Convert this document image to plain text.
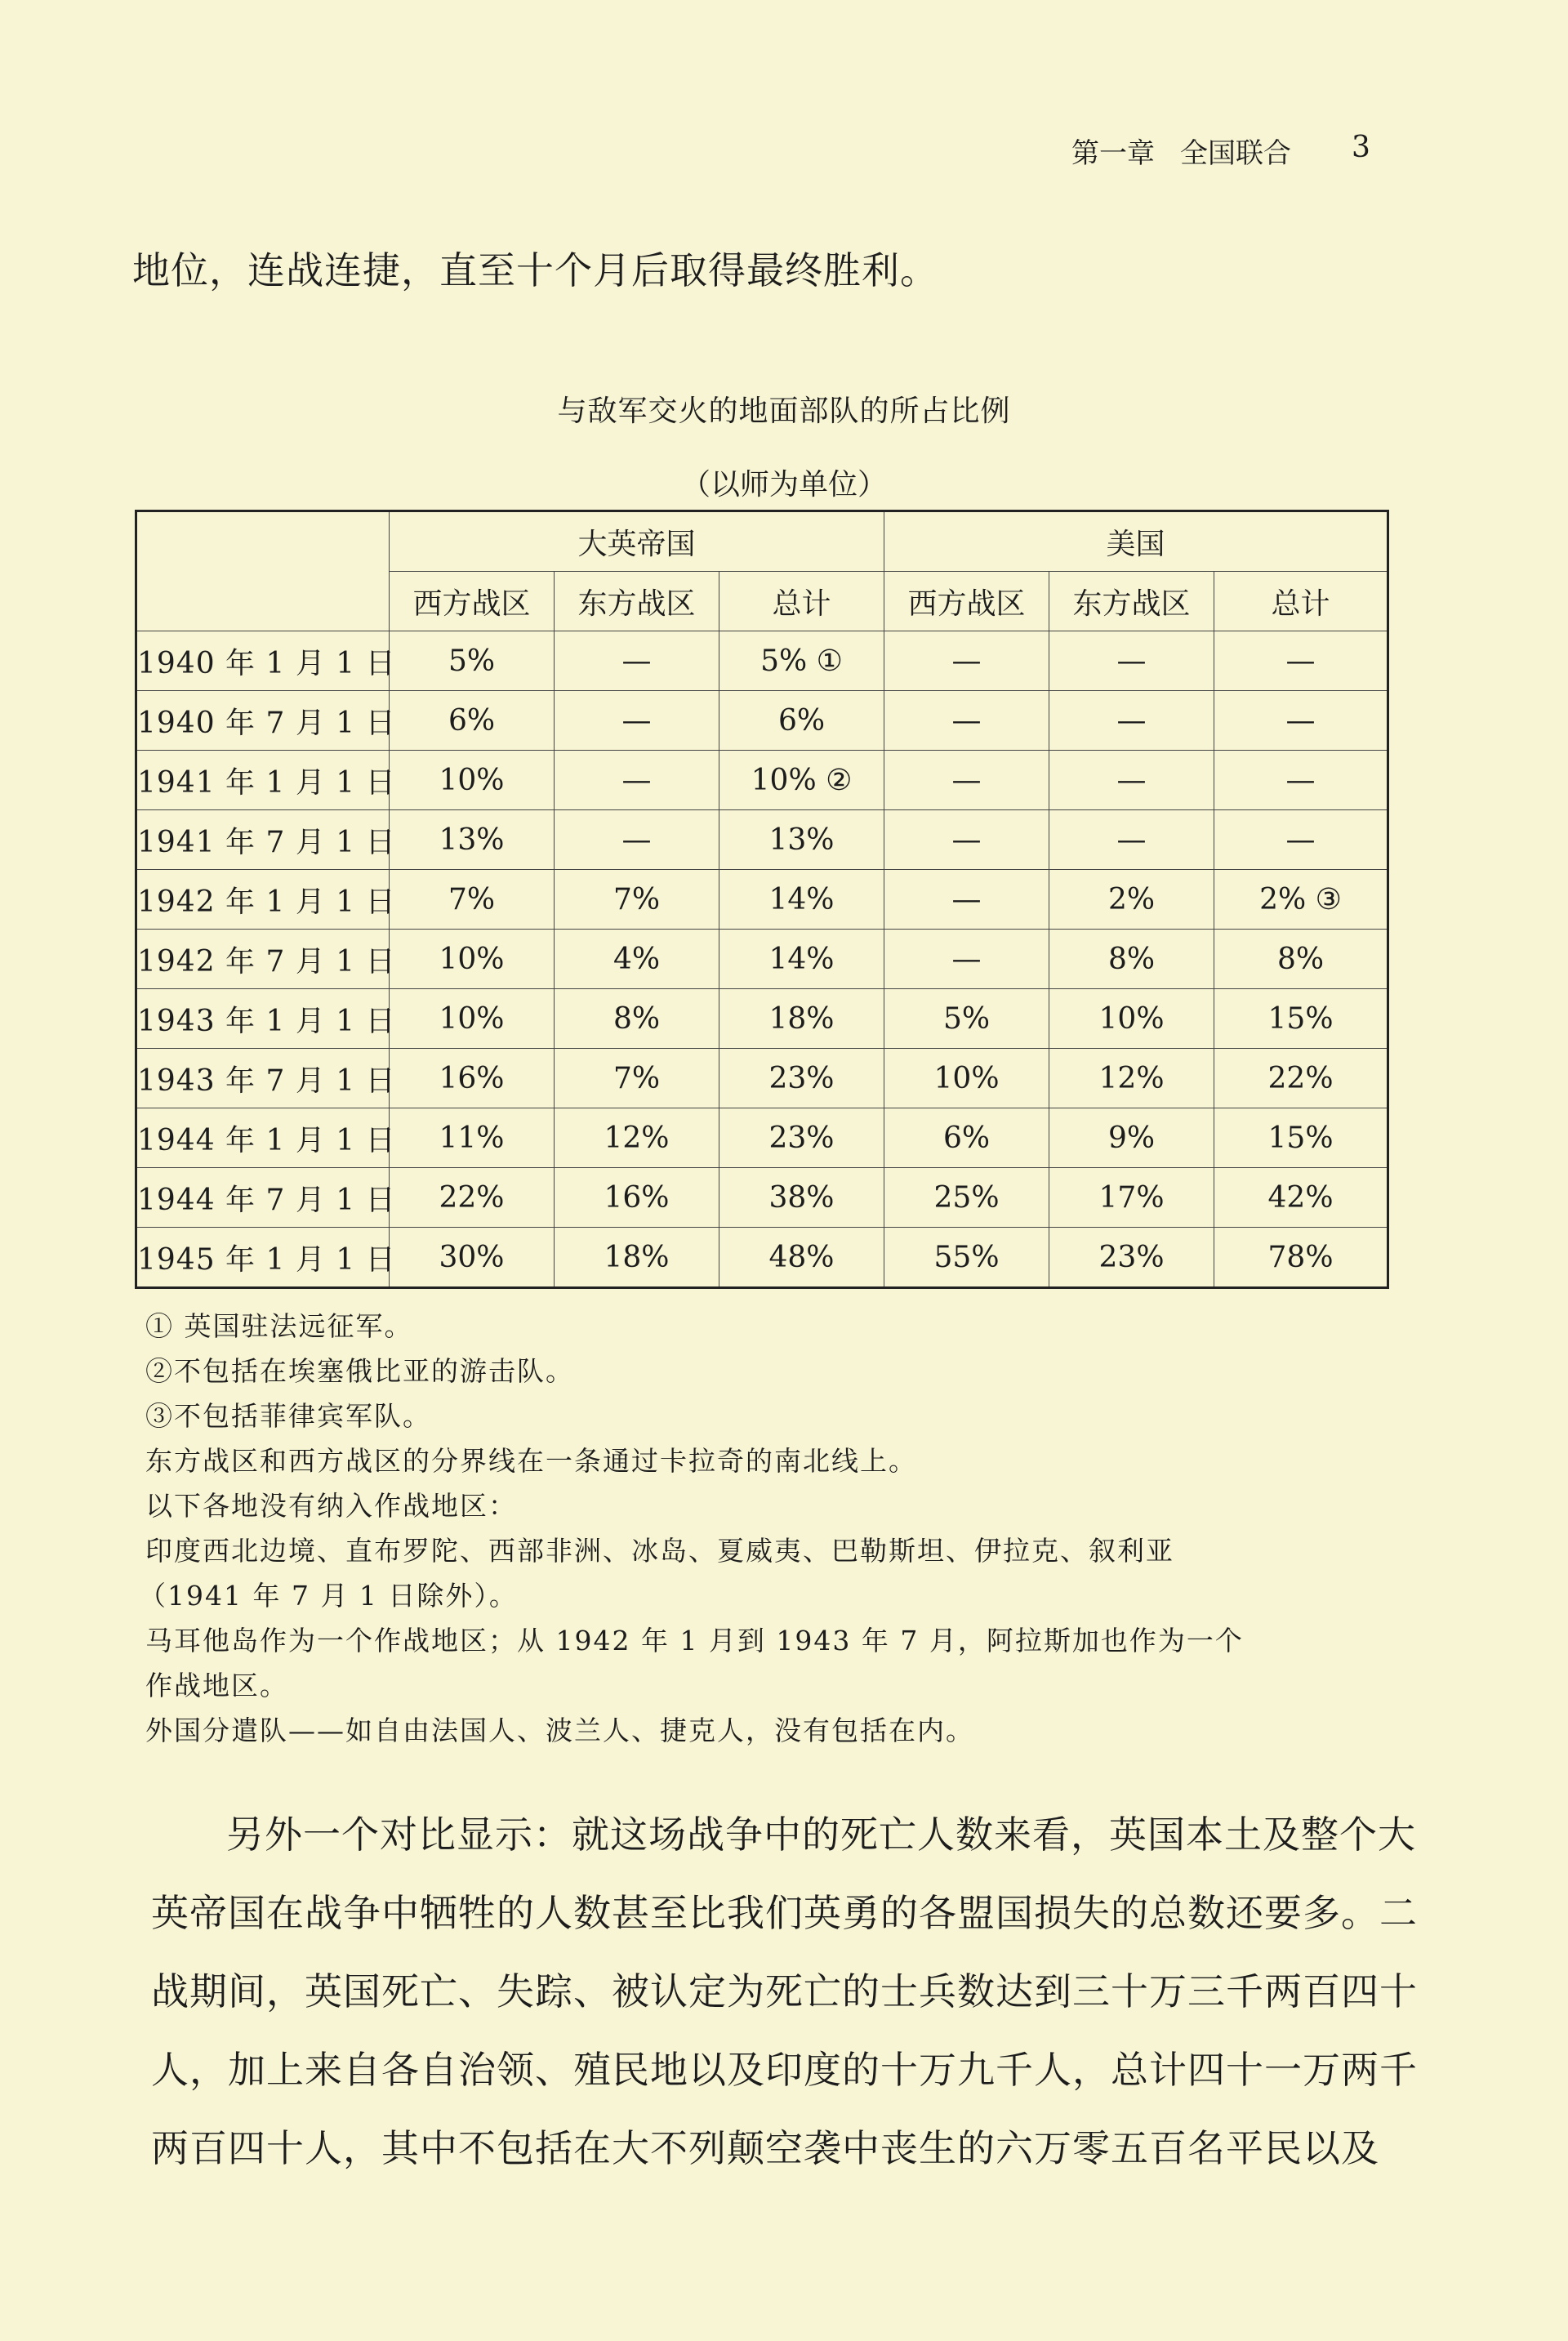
第一章 全国联合 3
地位，连战连捷，直至十个月后取得最终胜利。
与敌军交火的地面部队的所占比例
（以师为单位）
	大英帝国			美国		
	西方战区	东方战区	总计	西方战区	东方战区	总计
1940 年 1 月 1 日	5%	—	5% ①	—	—	—
1940 年 7 月 1 日	6%	—	6%	—	—	—
1941 年 1 月 1 日	10%	—	10% ②	—	—	—
1941 年 7 月 1 日	13%	—	13%	—	—	—
1942 年 1 月 1 日	7%	7%	14%	—	2%	2% ③
1942 年 7 月 1 日	10%	4%	14%	—	8%	8%
1943 年 1 月 1 日	10%	8%	18%	5%	10%	15%
1943 年 7 月 1 日	16%	7%	23%	10%	12%	22%
1944 年 1 月 1 日	11%	12%	23%	6%	9%	15%
1944 年 7 月 1 日	22%	16%	38%	25%	17%	42%
1945 年 1 月 1 日	30%	18%	48%	55%	23%	78%
① 英国驻法远征军。
②不包括在埃塞俄比亚的游击队。
③不包括菲律宾军队。
东方战区和西方战区的分界线在一条通过卡拉奇的南北线上。
以下各地没有纳入作战地区：
印度西北边境、直布罗陀、西部非洲、冰岛、夏威夷、巴勒斯坦、伊拉克、叙利亚
（1941 年 7 月 1 日除外）。
马耳他岛作为一个作战地区；从 1942 年 1 月到 1943 年 7 月，阿拉斯加也作为一个
作战地区。
外国分遣队——如自由法国人、波兰人、捷克人，没有包括在内。
另外一个对比显示：就这场战争中的死亡人数来看，英国本土及整个大
英帝国在战争中牺牲的人数甚至比我们英勇的各盟国损失的总数还要多。二
战期间，英国死亡、失踪、被认定为死亡的士兵数达到三十万三千两百四十
人，加上来自各自治领、殖民地以及印度的十万九千人，总计四十一万两千
两百四十人，其中不包括在大不列颠空袭中丧生的六万零五百名平民以及
